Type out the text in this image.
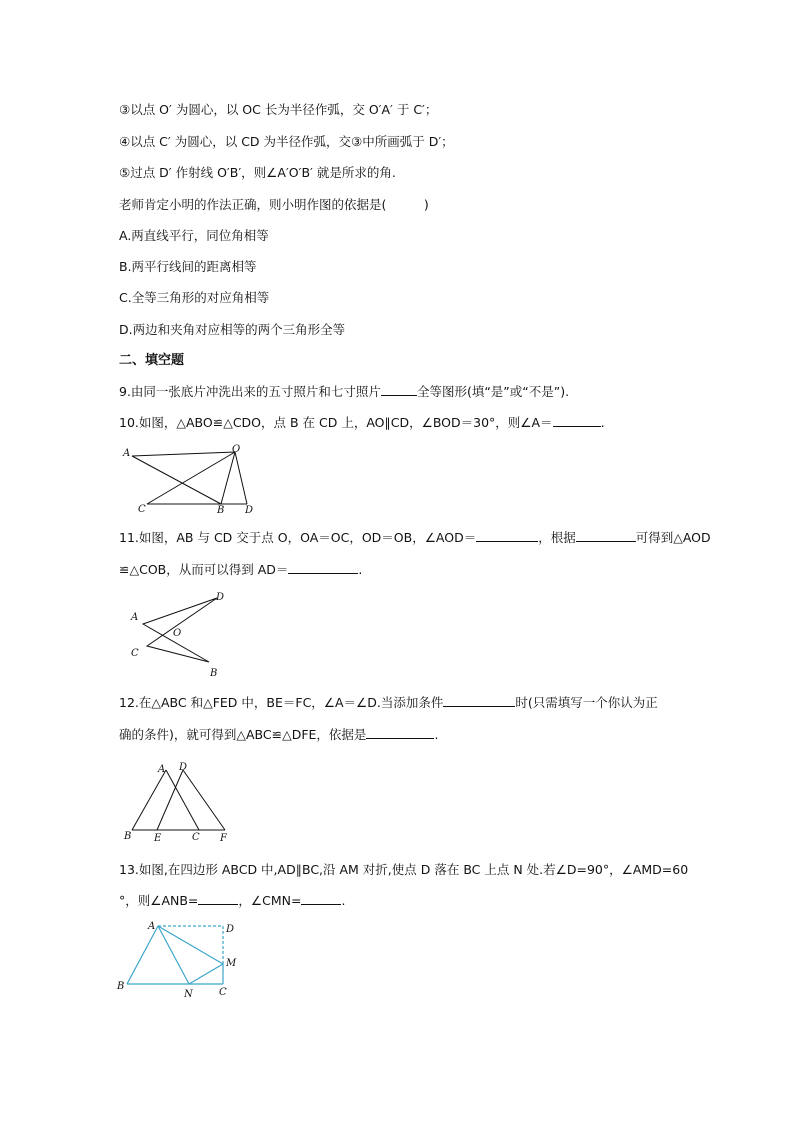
③以点 O′ 为圆心，以 OC 长为半径作弧，交 O′A′ 于 C′；
④以点 C′ 为圆心，以 CD 为半径作弧，交③中所画弧于 D′；
⑤过点 D′ 作射线 O′B′，则∠A′O′B′ 就是所求的角.
老师肯定小明的作法正确，则小明作图的依据是(　　　)
A.两直线平行，同位角相等
B.两平行线间的距离相等
C.全等三角形的对应角相等
D.两边和夹角对应相等的两个三角形全等
二、填空题
9.由同一张底片冲洗出来的五寸照片和七寸照片	全等图形(填“是”或“不是”).
10.如图，△ABO≌△CDO，点 B 在 CD 上，AO∥CD，∠BOD＝30°，则∠A＝	.
A	O
C	B D
11.如图，AB 与 CD 交于点 O，OA＝OC，OD＝OB，∠AOD＝	，根据	可得到△AOD
≌△COB，从而可以得到 AD＝	.
A
D
O
C
B
12.在△ABC 和△FED 中，BE＝FC，∠A＝∠D.当添加条件	时(只需填写一个你认为正
确的条件)，就可得到△ABC≌△DFE，依据是	.
A D
B E	C F
13.如图,在四边形 ABCD 中,AD∥BC,沿 AM 对折,使点 D 落在 BC 上点 N 处.若∠D=90°，∠AMD=60
°，则∠ANB=	，∠CMN=	.
A	D
M
B
N	C
